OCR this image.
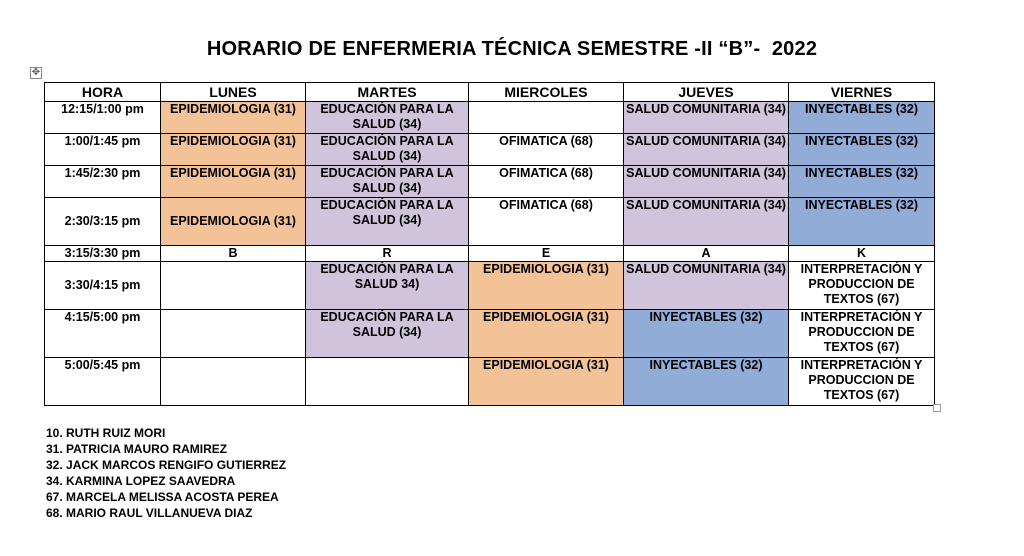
HORARIO DE ENFERMERIA TÉCNICA SEMESTRE -II “B”-  2022
✥
HORA	LUNES	MARTES	MIERCOLES	JUEVES	VIERNES
12:15/1:00 pm	EPIDEMIOLOGIA (31)	EDUCACIÓN PARA LA SALUD (34)		SALUD COMUNITARIA (34)	INYECTABLES (32)
1:00/1:45 pm	EPIDEMIOLOGIA (31)	EDUCACIÓN PARA LA SALUD (34)	OFIMATICA (68)	SALUD COMUNITARIA (34)	INYECTABLES (32)
1:45/2:30 pm	EPIDEMIOLOGIA (31)	EDUCACIÓN PARA LA SALUD (34)	OFIMATICA (68)	SALUD COMUNITARIA (34)	INYECTABLES (32)
2:30/3:15 pm	EPIDEMIOLOGIA (31)	EDUCACIÓN PARA LA SALUD (34)	OFIMATICA (68)	SALUD COMUNITARIA (34)	INYECTABLES (32)
3:15/3:30 pm	B	R	E	A	K
3:30/4:15 pm		EDUCACIÓN PARA LA SALUD 34)	EPIDEMIOLOGIA (31)	SALUD COMUNITARIA (34)	INTERPRETACIÓN Y PRODUCCION DE TEXTOS (67)
4:15/5:00 pm		EDUCACIÓN PARA LA SALUD (34)	EPIDEMIOLOGIA (31)	INYECTABLES (32)	INTERPRETACIÓN Y PRODUCCION DE TEXTOS (67)
5:00/5:45 pm			EPIDEMIOLOGIA (31)	INYECTABLES (32)	INTERPRETACIÓN Y PRODUCCION DE TEXTOS (67)
10. RUTH RUIZ MORI
31. PATRICIA MAURO RAMIREZ
32. JACK MARCOS RENGIFO GUTIERREZ
34. KARMINA LOPEZ SAAVEDRA
67. MARCELA MELISSA ACOSTA PEREA
68. MARIO RAUL VILLANUEVA DIAZ
